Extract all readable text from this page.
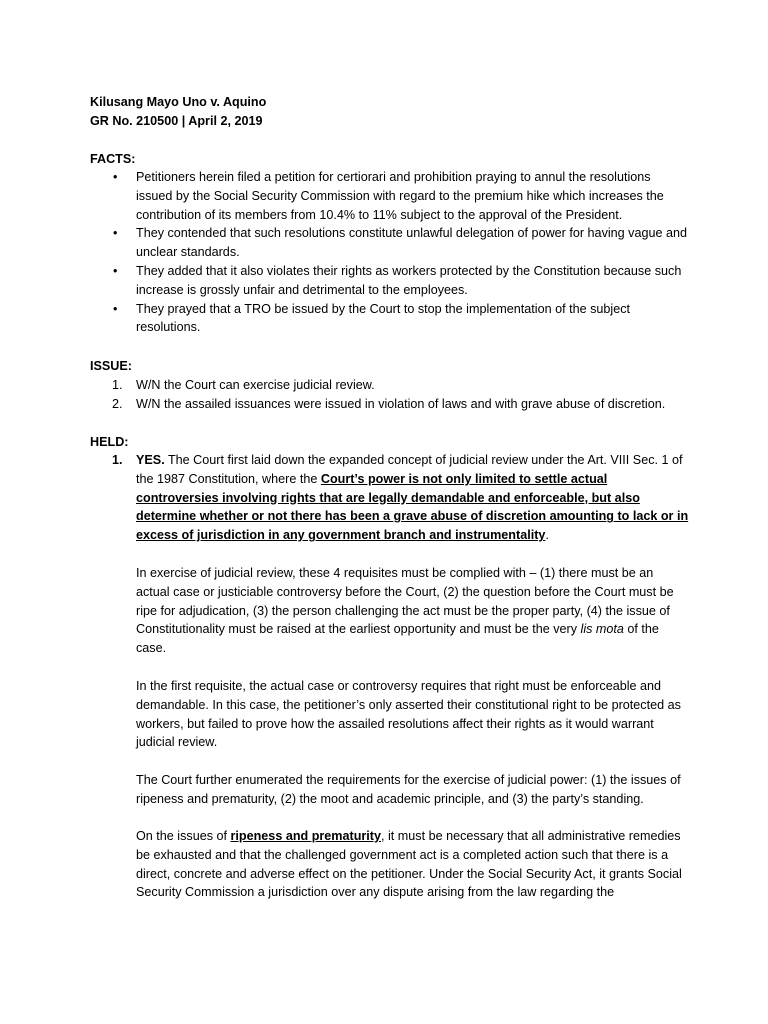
Kilusang Mayo Uno v. Aquino
GR No. 210500 | April 2, 2019
FACTS:
• Petitioners herein filed a petition for certiorari and prohibition praying to annul the resolutions issued by the Social Security Commission with regard to the premium hike which increases the contribution of its members from 10.4% to 11% subject to the approval of the President.
• They contended that such resolutions constitute unlawful delegation of power for having vague and unclear standards.
• They added that it also violates their rights as workers protected by the Constitution because such increase is grossly unfair and detrimental to the employees.
• They prayed that a TRO be issued by the Court to stop the implementation of the subject resolutions.
ISSUE:
1. W/N the Court can exercise judicial review.
2. W/N the assailed issuances were issued in violation of laws and with grave abuse of discretion.
HELD:
1. YES. The Court first laid down the expanded concept of judicial review under the Art. VIII Sec. 1 of the 1987 Constitution, where the Court’s power is not only limited to settle actual controversies involving rights that are legally demandable and enforceable, but also determine whether or not there has been a grave abuse of discretion amounting to lack or in excess of jurisdiction in any government branch and instrumentality.
In exercise of judicial review, these 4 requisites must be complied with – (1) there must be an actual case or justiciable controversy before the Court, (2) the question before the Court must be ripe for adjudication, (3) the person challenging the act must be the proper party, (4) the issue of Constitutionality must be raised at the earliest opportunity and must be the very lis mota of the case.
In the first requisite, the actual case or controversy requires that right must be enforceable and demandable. In this case, the petitioner’s only asserted their constitutional right to be protected as workers, but failed to prove how the assailed resolutions affect their rights as it would warrant judicial review.
The Court further enumerated the requirements for the exercise of judicial power: (1) the issues of ripeness and prematurity, (2) the moot and academic principle, and (3) the party’s standing.
On the issues of ripeness and prematurity, it must be necessary that all administrative remedies be exhausted and that the challenged government act is a completed action such that there is a direct, concrete and adverse effect on the petitioner. Under the Social Security Act, it grants Social Security Commission a jurisdiction over any dispute arising from the law regarding the
